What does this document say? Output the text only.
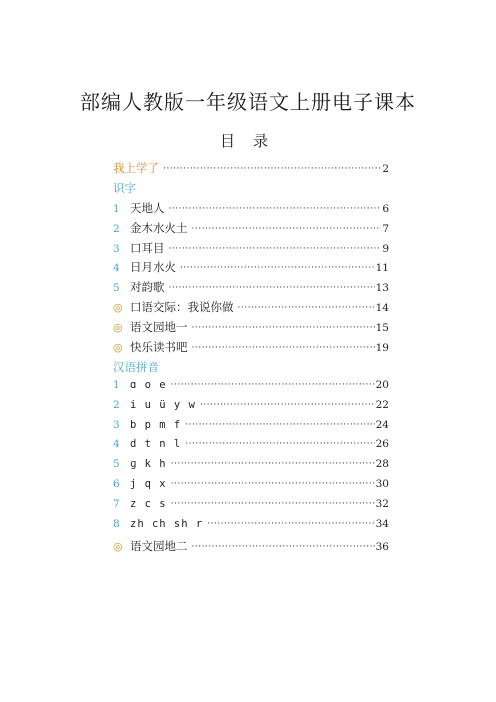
部编人教版一年级语文上册电子课本
目录
我上学了 ·····	2
识字
1 天地人 ·····	6
2 金木水火土 ·····	7
3 口耳目 ·····	9
4 日月水火 ·····	11
5 对韵歌 ·····	13
◎ 口语交际：我说你做 ·····	14
◎ 语文园地一 ·····	15
◎ 快乐读书吧 ·····	19
汉语拼音
1 ɑ o e ·····	20
2 i u ü y w ·····	22
3 b p m f ·····	24
4 d t n l ·····	26
5 ɡ k h ·····	28
6 j q x ·····	30
7 z c s ·····	32
8 zh ch sh r ·····	34
◎ 语文园地二 ·····	36
